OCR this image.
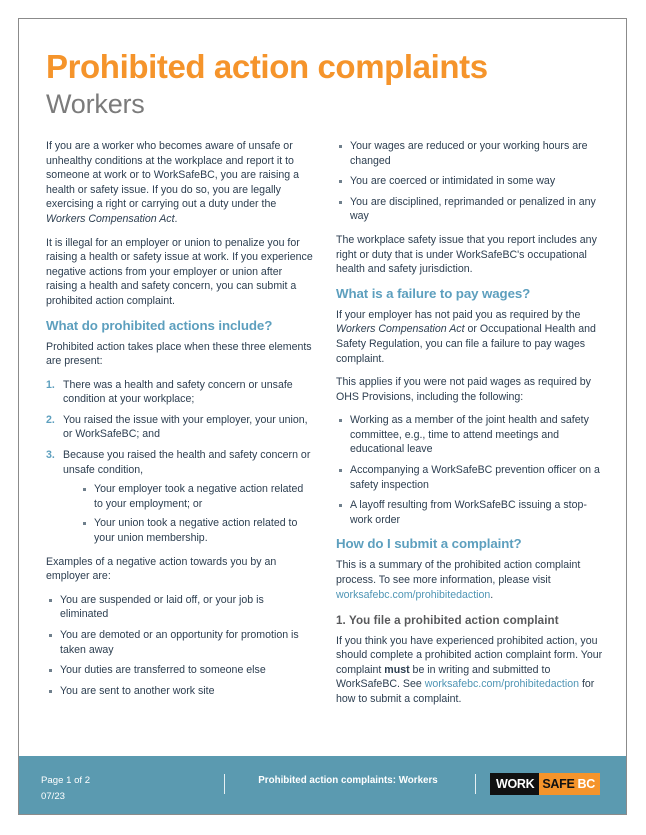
Prohibited action complaints
Workers

If you are a worker who becomes aware of unsafe or unhealthy conditions at the workplace and report it to someone at work or to WorkSafeBC, you are raising a health or safety issue. If you do so, you are legally exercising a right or carrying out a duty under the Workers Compensation Act.

It is illegal for an employer or union to penalize you for raising a health or safety issue at work. If you experience negative actions from your employer or union after raising a health and safety concern, you can submit a prohibited action complaint.

What do prohibited actions include?

Prohibited action takes place when these three elements are present:

1. There was a health and safety concern or unsafe condition at your workplace;
2. You raised the issue with your employer, your union, or WorkSafeBC; and
3. Because you raised the health and safety concern or unsafe condition,
Your employer took a negative action related to your employment; or
Your union took a negative action related to your union membership.

Examples of a negative action towards you by an employer are:

You are suspended or laid off, or your job is eliminated
You are demoted or an opportunity for promotion is taken away
Your duties are transferred to someone else
You are sent to another work site
Your wages are reduced or your working hours are changed
You are coerced or intimidated in some way
You are disciplined, reprimanded or penalized in any way

The workplace safety issue that you report includes any right or duty that is under WorkSafeBC's occupational health and safety jurisdiction.

What is a failure to pay wages?

If your employer has not paid you as required by the Workers Compensation Act or Occupational Health and Safety Regulation, you can file a failure to pay wages complaint.

This applies if you were not paid wages as required by OHS Provisions, including the following:

Working as a member of the joint health and safety committee, e.g., time to attend meetings and educational leave
Accompanying a WorkSafeBC prevention officer on a safety inspection
A layoff resulting from WorkSafeBC issuing a stop-work order
How do I submit a complaint?

This is a summary of the prohibited action complaint process. To see more information, please visit worksafebc.com/prohibitedaction.

1. You file a prohibited action complaint

If you think you have experienced prohibited action, you should complete a prohibited action complaint form. Your complaint must be in writing and submitted to WorkSafeBC. See worksafebc.com/prohibitedaction for how to submit a complaint.

Page 1 of 2
07/23
Prohibited action complaints: Workers	WORK SAFE BC
